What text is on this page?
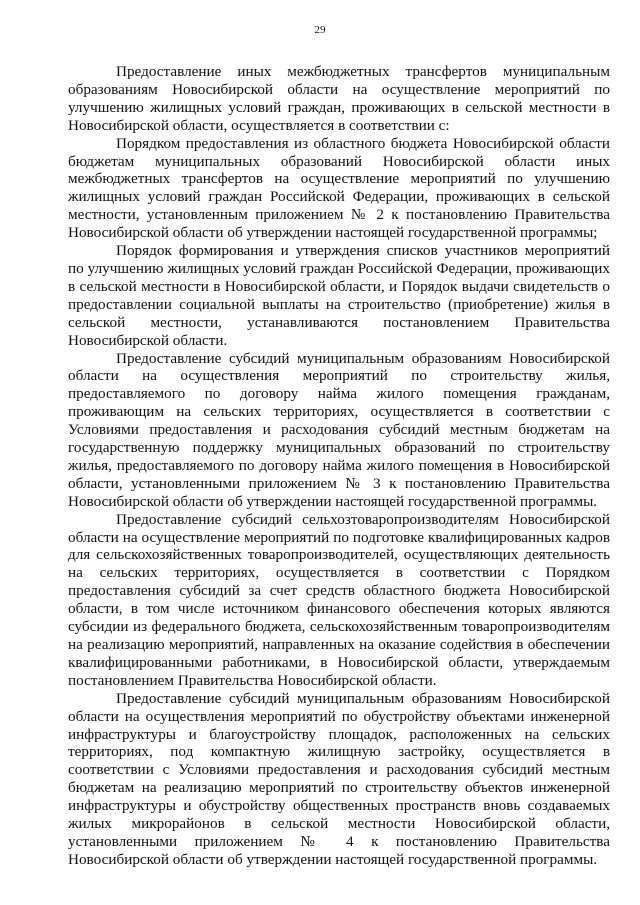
29

Предоставление иных межбюджетных трансфертов муниципальным образованиям Новосибирской области на осуществление мероприятий по улучшению жилищных условий граждан, проживающих в сельской местности в Новосибирской области, осуществляется в соответствии с:

Порядком предоставления из областного бюджета Новосибирской области бюджетам муниципальных образований Новосибирской области иных межбюджетных трансфертов на осуществление мероприятий по улучшению жилищных условий граждан Российской Федерации, проживающих в сельской местности, установленным приложением № 2 к постановлению Правительства Новосибирской области об утверждении настоящей государственной программы;

Порядок формирования и утверждения списков участников мероприятий по улучшению жилищных условий граждан Российской Федерации, проживающих в сельской местности в Новосибирской области, и Порядок выдачи свидетельств о предоставлении социальной выплаты на строительство (приобретение) жилья в сельской местности, устанавливаются постановлением Правительства Новосибирской области.

Предоставление субсидий муниципальным образованиям Новосибирской области на осуществления мероприятий по строительству жилья, предоставляемого по договору найма жилого помещения гражданам, проживающим на сельских территориях, осуществляется в соответствии с Условиями предоставления и расходования субсидий местным бюджетам на государственную поддержку муниципальных образований по строительству жилья, предоставляемого по договору найма жилого помещения в Новосибирской области, установленными приложением № 3 к постановлению Правительства Новосибирской области об утверждении настоящей государственной программы.

Предоставление субсидий сельхозтоваропроизводителям Новосибирской области на осуществление мероприятий по подготовке квалифицированных кадров для сельскохозяйственных товаропроизводителей, осуществляющих деятельность на сельских территориях, осуществляется в соответствии с Порядком предоставления субсидий за счет средств областного бюджета Новосибирской области, в том числе источником финансового обеспечения которых являются субсидии из федерального бюджета, сельскохозяйственным товаропроизводителям на реализацию мероприятий, направленных на оказание содействия в обеспечении квалифицированными работниками, в Новосибирской области, утверждаемым постановлением Правительства Новосибирской области.

Предоставление субсидий муниципальным образованиям Новосибирской области на осуществления мероприятий по обустройству объектами инженерной инфраструктуры и благоустройству площадок, расположенных на сельских территориях, под компактную жилищную застройку, осуществляется в соответствии с Условиями предоставления и расходования субсидий местным бюджетам на реализацию мероприятий по строительству объектов инженерной инфраструктуры и обустройству общественных пространств вновь создаваемых жилых микрорайонов в сельской местности Новосибирской области, установленными приложением № 4 к постановлению Правительства Новосибирской области об утверждении настоящей государственной программы.
